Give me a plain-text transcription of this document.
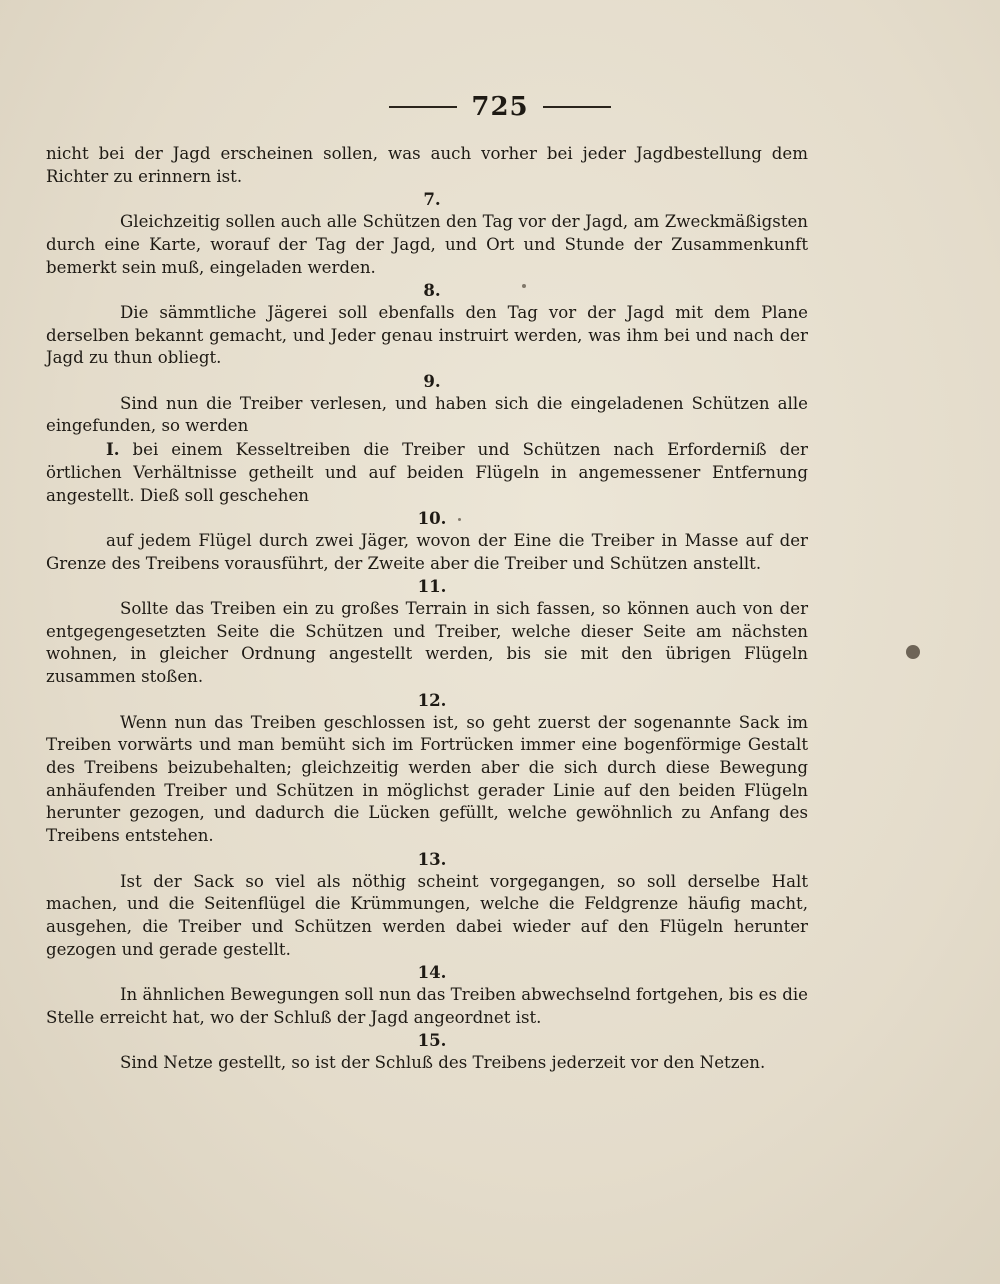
725

nicht bei der Jagd erscheinen sollen, was auch vorher bei jeder Jagdbestellung dem Richter zu erinnern ist.

7.

Gleichzeitig sollen auch alle Schützen den Tag vor der Jagd, am Zweckmäßigsten durch eine Karte, worauf der Tag der Jagd, und Ort und Stunde der Zusammenkunft bemerkt sein muß, eingeladen werden.

8.

Die sämmtliche Jägerei soll ebenfalls den Tag vor der Jagd mit dem Plane derselben bekannt gemacht, und Jeder genau instruirt werden, was ihm bei und nach der Jagd zu thun obliegt.

9.

Sind nun die Treiber verlesen, und haben sich die eingeladenen Schützen alle eingefunden, so werden

I. bei einem Kesseltreiben die Treiber und Schützen nach Erforderniß der örtlichen Verhältnisse getheilt und auf beiden Flügeln in angemessener Entfernung angestellt. Dieß soll geschehen

10.

auf jedem Flügel durch zwei Jäger, wovon der Eine die Treiber in Masse auf der Grenze des Treibens vorausführt, der Zweite aber die Treiber und Schützen anstellt.

11.

Sollte das Treiben ein zu großes Terrain in sich fassen, so können auch von der entgegengesetzten Seite die Schützen und Treiber, welche dieser Seite am nächsten wohnen, in gleicher Ordnung angestellt werden, bis sie mit den übrigen Flügeln zusammen stoßen.

12.

Wenn nun das Treiben geschlossen ist, so geht zuerst der sogenannte Sack im Treiben vorwärts und man bemüht sich im Fortrücken immer eine bogenförmige Gestalt des Treibens beizubehalten; gleichzeitig werden aber die sich durch diese Bewegung anhäufenden Treiber und Schützen in möglichst gerader Linie auf den beiden Flügeln herunter gezogen, und dadurch die Lücken gefüllt, welche gewöhnlich zu Anfang des Treibens entstehen.

13.

Ist der Sack so viel als nöthig scheint vorgegangen, so soll derselbe Halt machen, und die Seitenflügel die Krümmungen, welche die Feldgrenze häufig macht, ausgehen, die Treiber und Schützen werden dabei wieder auf den Flügeln herunter gezogen und gerade gestellt.

14.

In ähnlichen Bewegungen soll nun das Treiben abwechselnd fortgehen, bis es die Stelle erreicht hat, wo der Schluß der Jagd angeordnet ist.

15.

Sind Netze gestellt, so ist der Schluß des Treibens jederzeit vor den Netzen.
